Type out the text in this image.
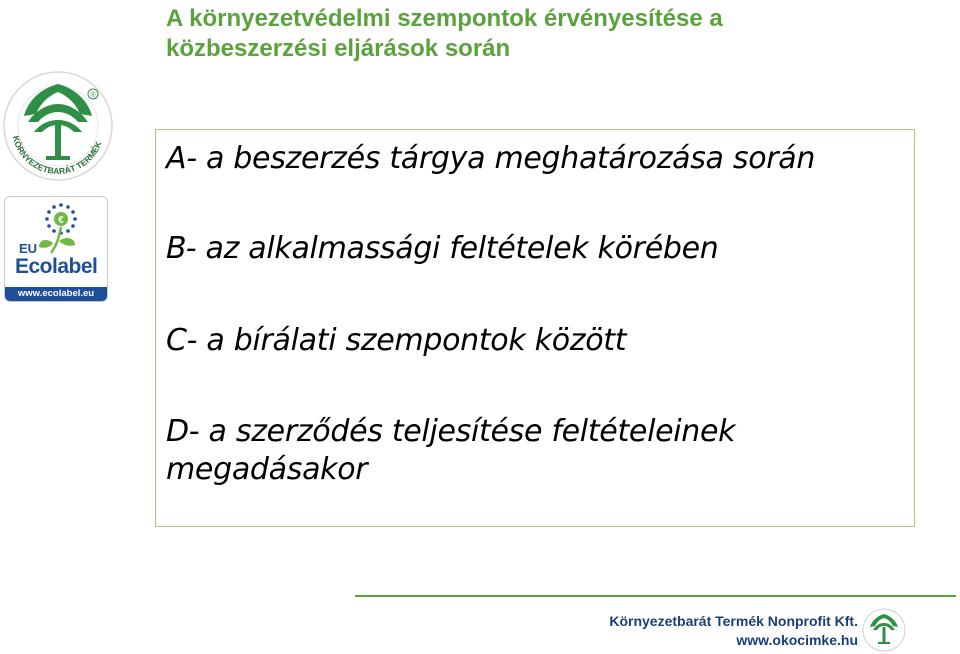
A környezetvédelmi szempontok érvényesítése a
közbeszerzési eljárások során
KÖRNYEZETBARÁT TERMÉK
®
€
EU
Ecolabel
www.ecolabel.eu
A- a beszerzés tárgya meghatározása során
B- az alkalmassági feltételek körében
C- a bírálati szempontok között
D- a szerződés teljesítése feltételeinek
megadásakor
Környezetbarát Termék Nonprofit Kft.
www.okocimke.hu
